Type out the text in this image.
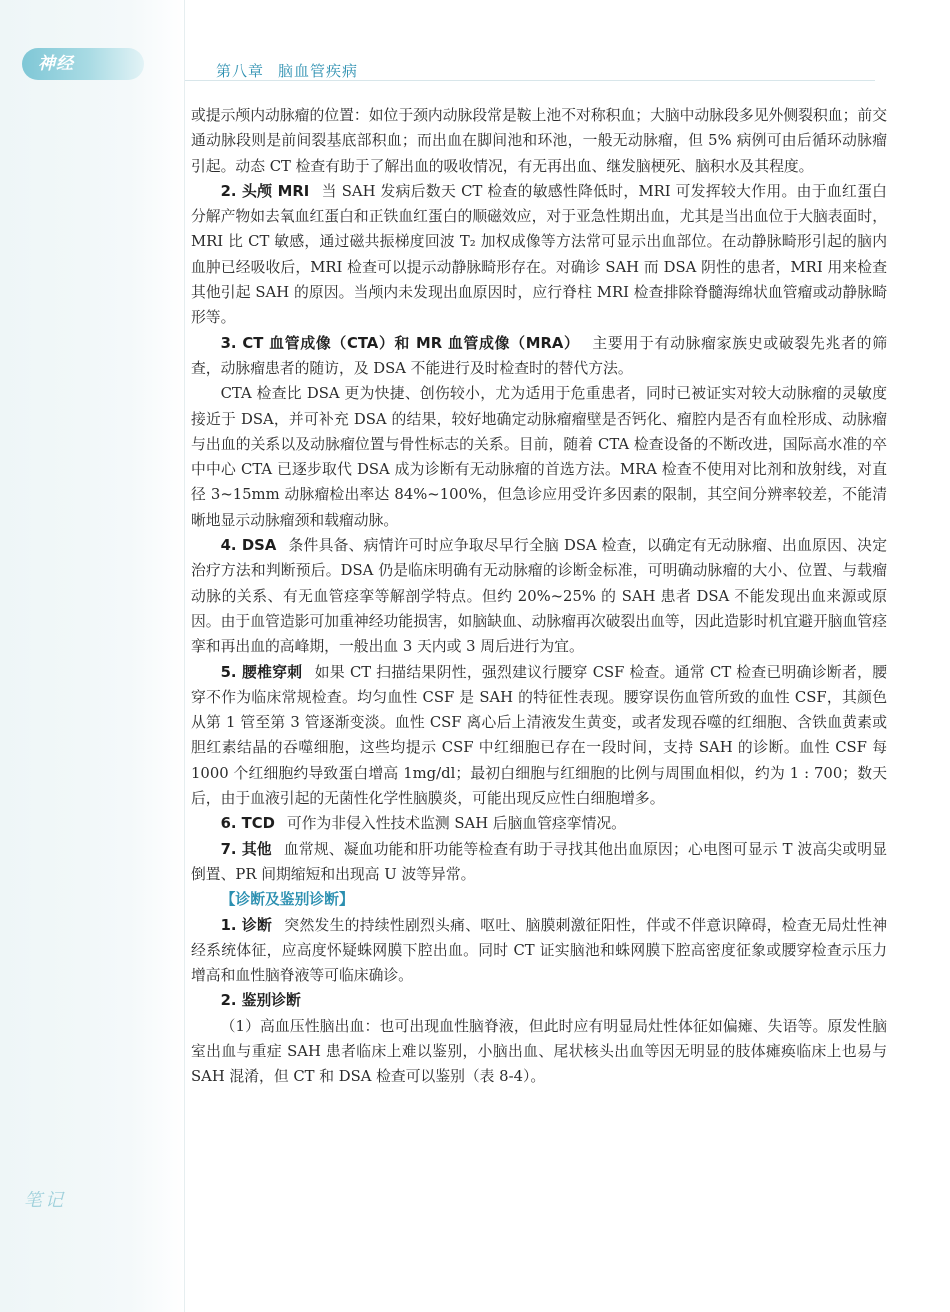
神经	第八章 脑血管疾病

或提示颅内动脉瘤的位置：如位于颈内动脉段常是鞍上池不对称积血；大脑中动脉段多见外侧裂积血；前交通动脉段则是前间裂基底部积血；而出血在脚间池和环池，一般无动脉瘤，但 5% 病例可由后循环动脉瘤引起。动态 CT 检查有助于了解出血的吸收情况，有无再出血、继发脑梗死、脑积水及其程度。

2. 头颅 MRI 当 SAH 发病后数天 CT 检查的敏感性降低时，MRI 可发挥较大作用。由于血红蛋白分解产物如去氧血红蛋白和正铁血红蛋白的顺磁效应，对于亚急性期出血，尤其是当出血位于大脑表面时，MRI 比 CT 敏感，通过磁共振梯度回波 T₂ 加权成像等方法常可显示出血部位。在动静脉畸形引起的脑内血肿已经吸收后，MRI 检查可以提示动静脉畸形存在。对确诊 SAH 而 DSA 阴性的患者，MRI 用来检查其他引起 SAH 的原因。当颅内未发现出血原因时，应行脊柱 MRI 检查排除脊髓海绵状血管瘤或动静脉畸形等。

3. CT 血管成像（CTA）和 MR 血管成像（MRA） 主要用于有动脉瘤家族史或破裂先兆者的筛查，动脉瘤患者的随访，及 DSA 不能进行及时检查时的替代方法。

CTA 检查比 DSA 更为快捷、创伤较小，尤为适用于危重患者，同时已被证实对较大动脉瘤的灵敏度接近于 DSA，并可补充 DSA 的结果，较好地确定动脉瘤瘤壁是否钙化、瘤腔内是否有血栓形成、动脉瘤与出血的关系以及动脉瘤位置与骨性标志的关系。目前，随着 CTA 检查设备的不断改进，国际高水准的卒中中心 CTA 已逐步取代 DSA 成为诊断有无动脉瘤的首选方法。MRA 检查不使用对比剂和放射线，对直径 3~15mm 动脉瘤检出率达 84%~100%，但急诊应用受许多因素的限制，其空间分辨率较差，不能清晰地显示动脉瘤颈和载瘤动脉。

4. DSA 条件具备、病情许可时应争取尽早行全脑 DSA 检查，以确定有无动脉瘤、出血原因、决定治疗方法和判断预后。DSA 仍是临床明确有无动脉瘤的诊断金标准，可明确动脉瘤的大小、位置、与载瘤动脉的关系、有无血管痉挛等解剖学特点。但约 20%~25% 的 SAH 患者 DSA 不能发现出血来源或原因。由于血管造影可加重神经功能损害，如脑缺血、动脉瘤再次破裂出血等，因此造影时机宜避开脑血管痉挛和再出血的高峰期，一般出血 3 天内或 3 周后进行为宜。

5. 腰椎穿刺 如果 CT 扫描结果阴性，强烈建议行腰穿 CSF 检查。通常 CT 检查已明确诊断者，腰穿不作为临床常规检查。均匀血性 CSF 是 SAH 的特征性表现。腰穿误伤血管所致的血性 CSF，其颜色从第 1 管至第 3 管逐渐变淡。血性 CSF 离心后上清液发生黄变，或者发现吞噬的红细胞、含铁血黄素或胆红素结晶的吞噬细胞，这些均提示 CSF 中红细胞已存在一段时间，支持 SAH 的诊断。血性 CSF 每 1000 个红细胞约导致蛋白增高 1mg/dl；最初白细胞与红细胞的比例与周围血相似，约为 1 : 700；数天后，由于血液引起的无菌性化学性脑膜炎，可能出现反应性白细胞增多。

6. TCD 可作为非侵入性技术监测 SAH 后脑血管痉挛情况。

7. 其他 血常规、凝血功能和肝功能等检查有助于寻找其他出血原因；心电图可显示 T 波高尖或明显倒置、PR 间期缩短和出现高 U 波等异常。

【诊断及鉴别诊断】

1. 诊断 突然发生的持续性剧烈头痛、呕吐、脑膜刺激征阳性，伴或不伴意识障碍，检查无局灶性神经系统体征，应高度怀疑蛛网膜下腔出血。同时 CT 证实脑池和蛛网膜下腔高密度征象或腰穿检查示压力增高和血性脑脊液等可临床确诊。

2. 鉴别诊断

（1）高血压性脑出血：也可出现血性脑脊液，但此时应有明显局灶性体征如偏瘫、失语等。原发性脑室出血与重症 SAH 患者临床上难以鉴别，小脑出血、尾状核头出血等因无明显的肢体瘫痪临床上也易与 SAH 混淆，但 CT 和 DSA 检查可以鉴别（表 8-4）。

笔记
